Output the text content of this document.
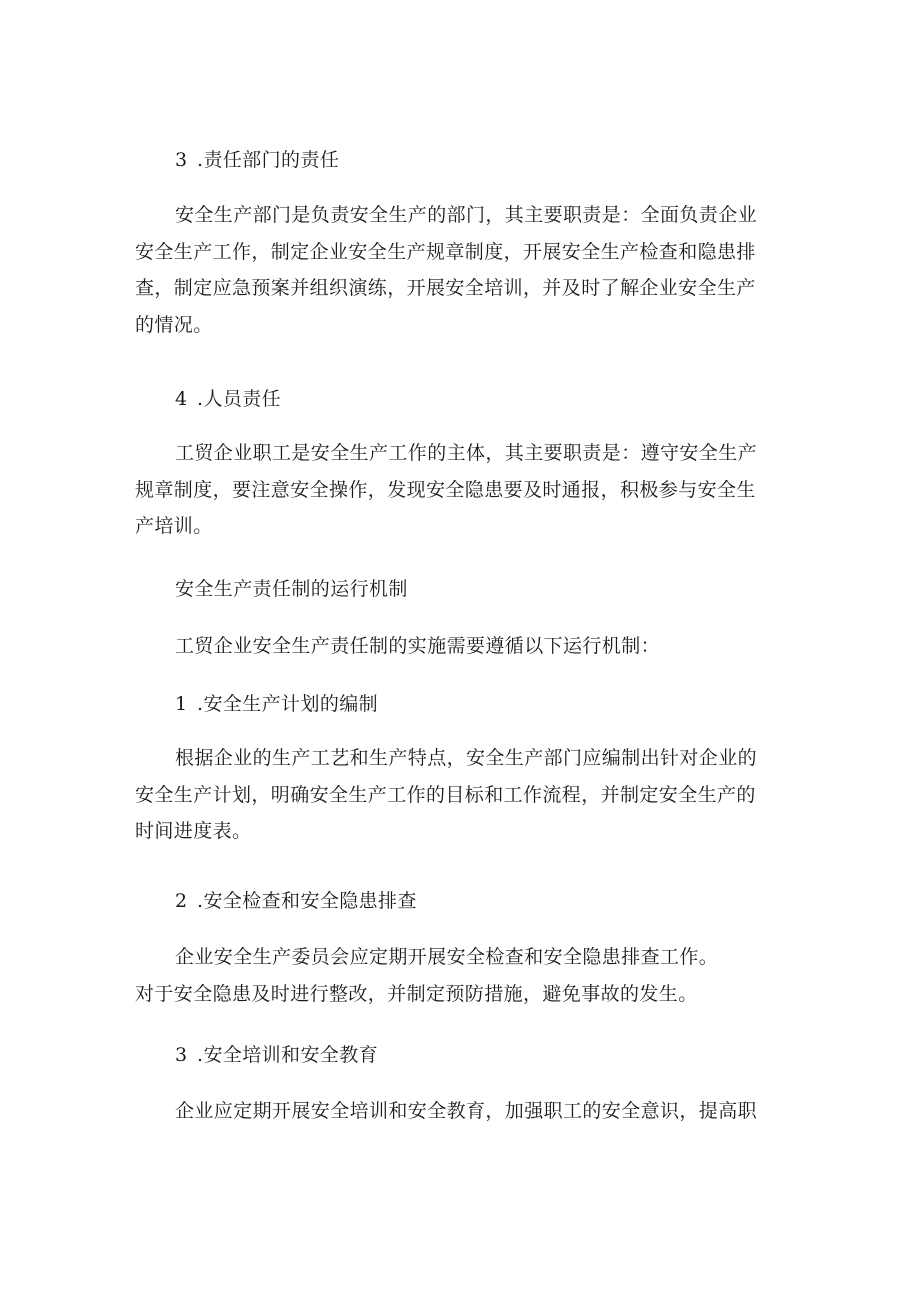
3 .责任部门的责任
安全生产部门是负责安全生产的部门，其主要职责是：全面负责企业
安全生产工作，制定企业安全生产规章制度，开展安全生产检查和隐患排
查，制定应急预案并组织演练，开展安全培训，并及时了解企业安全生产
的情况。
4 .人员责任
工贸企业职工是安全生产工作的主体，其主要职责是：遵守安全生产
规章制度，要注意安全操作，发现安全隐患要及时通报，积极参与安全生
产培训。
安全生产责任制的运行机制
工贸企业安全生产责任制的实施需要遵循以下运行机制：
1 .安全生产计划的编制
根据企业的生产工艺和生产特点，安全生产部门应编制出针对企业的
安全生产计划，明确安全生产工作的目标和工作流程，并制定安全生产的
时间进度表。
2 .安全检查和安全隐患排查
企业安全生产委员会应定期开展安全检查和安全隐患排查工作。
对于安全隐患及时进行整改，并制定预防措施，避免事故的发生。
3 .安全培训和安全教育
企业应定期开展安全培训和安全教育，加强职工的安全意识，提高职
